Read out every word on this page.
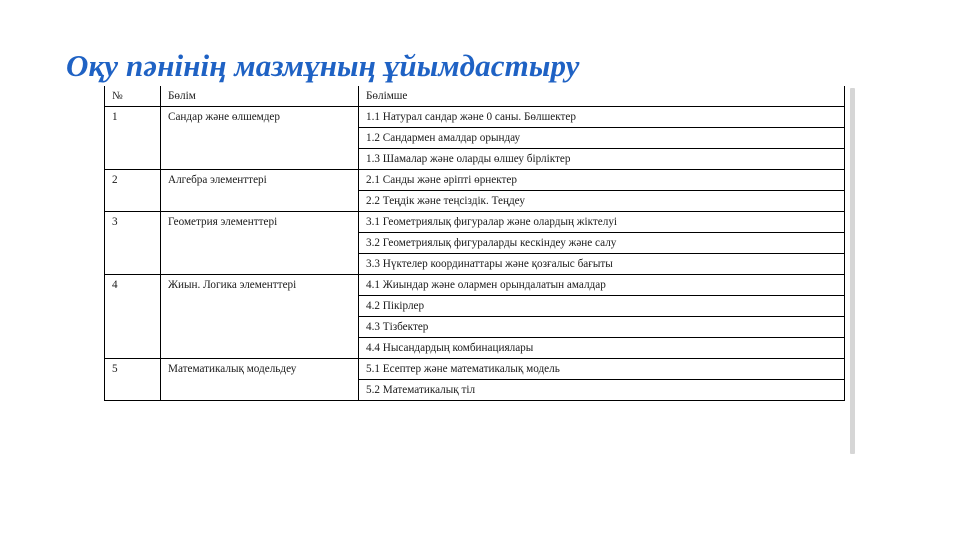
Оқу пәнінің мазмұның ұйымдастыру
№	Бөлім	Бөлімше
1	Сандар және өлшемдер	1.1 Натурал сандар және 0 саны. Бөлшектер
		1.2 Сандармен амалдар орындау
		1.3 Шамалар және оларды өлшеу бірліктер
2	Алгебра элементтері	2.1 Санды және әріпті өрнектер
		2.2 Теңдік және теңсіздік. Теңдеу
3	Геометрия элементтері	3.1 Геометриялық фигуралар және олардың жіктелуі
		3.2 Геометриялық фигураларды кескіндеу және салу
		3.3 Нүктелер координаттары және қозғалыс бағыты
4	Жиын. Логика элементтері	4.1 Жиындар және олармен орындалатын амалдар
		4.2 Пікірлер
		4.3 Тізбектер
		4.4 Нысандардың комбинациялары
5	Математикалық модельдеу	5.1 Есептер және математикалық модель
		5.2 Математикалық тіл
